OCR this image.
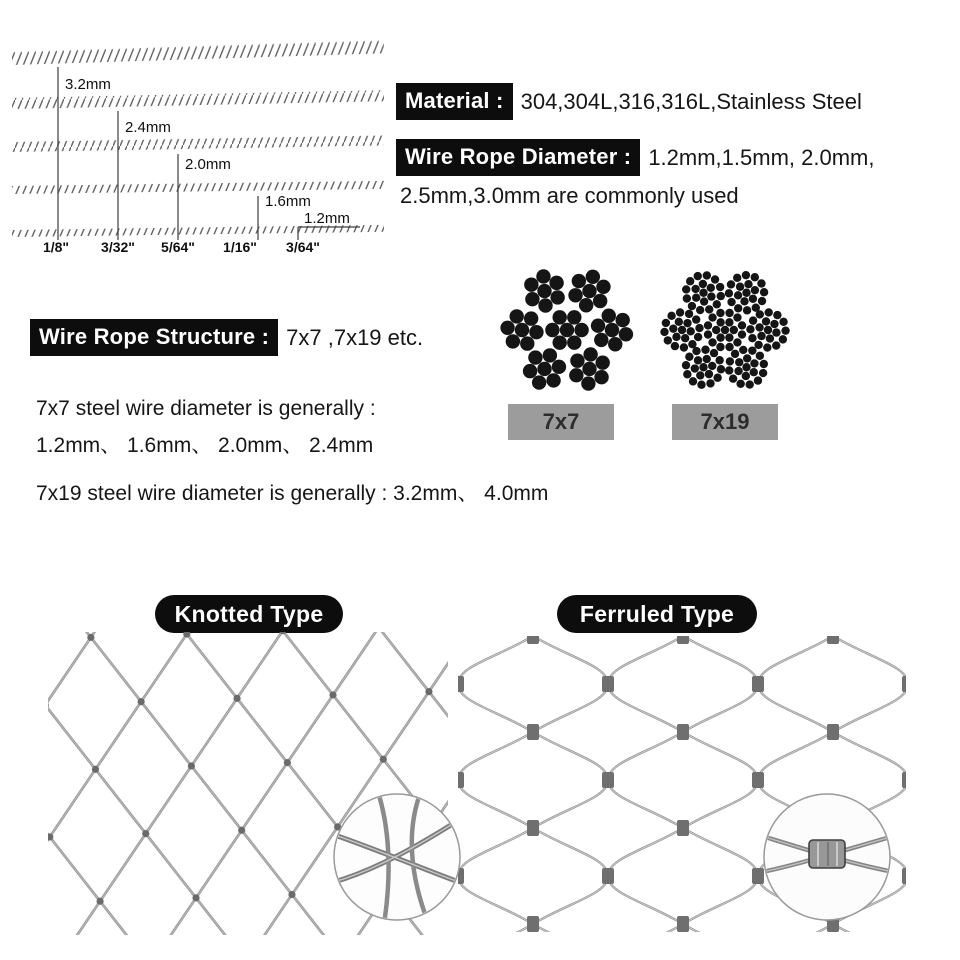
3.2mm
2.4mm
2.0mm
1.6mm
1.2mm
1/8" 3/32" 5/64" 1/16" 3/64"
Material : 304,304L,316,316L,Stainless Steel
Wire Rope Diameter : 1.2mm,1.5mm, 2.0mm,
2.5mm,3.0mm are commonly used
Wire Rope Structure : 7x7 ,7x19 etc.
7x7	7x19
7x7 steel wire diameter is generally :
1.2mm、 1.6mm、 2.0mm、 2.4mm
7x19 steel wire diameter is generally : 3.2mm、 4.0mm
Knotted Type	Ferruled Type
